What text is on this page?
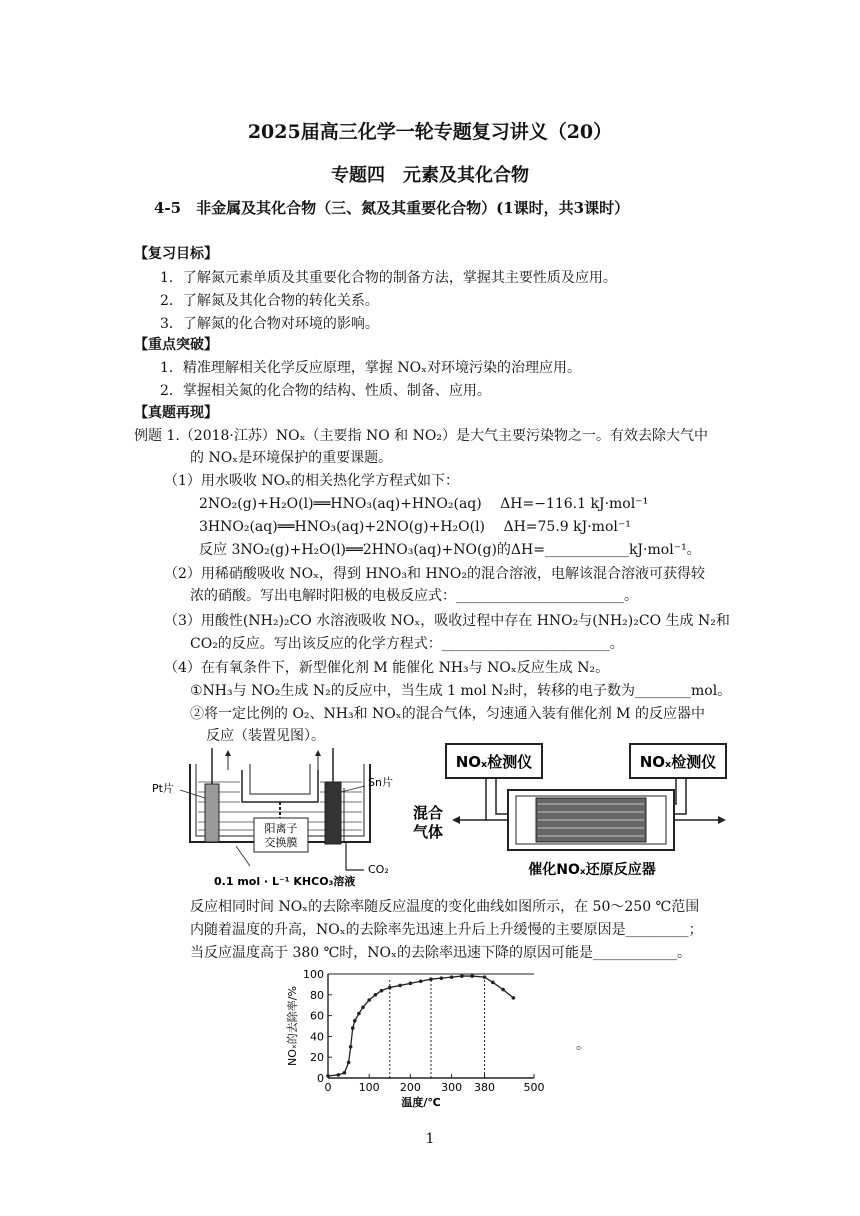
2025届高三化学一轮专题复习讲义（20）
专题四　元素及其化合物
4-5　非金属及其化合物（三、氮及其重要化合物）(1课时，共3课时）
【复习目标】
1．了解氮元素单质及其重要化合物的制备方法，掌握其主要性质及应用。
2．了解氮及其化合物的转化关系。
3．了解氮的化合物对环境的影响。
【重点突破】
1．精准理解相关化学反应原理，掌握 NOₓ对环境污染的治理应用。
2．掌握相关氮的化合物的结构、性质、制备、应用。
【真题再现】
例题 1.（2018·江苏）NOₓ（主要指 NO 和 NO₂）是大气主要污染物之一。有效去除大气中
的 NOₓ是环境保护的重要课题。
（1）用水吸收 NOₓ的相关热化学方程式如下：
2NO₂(g)+H₂O(l)══HNO₃(aq)+HNO₂(aq)　 ΔH=−116.1 kJ·mol⁻¹
3HNO₂(aq)══HNO₃(aq)+2NO(g)+H₂O(l)　 ΔH=75.9 kJ·mol⁻¹
反应 3NO₂(g)+H₂O(l)══2HNO₃(aq)+NO(g)的ΔH=____________kJ·mol⁻¹。
（2）用稀硝酸吸收 NOₓ，得到 HNO₃和 HNO₂的混合溶液，电解该混合溶液可获得较
浓的硝酸。写出电解时阳极的电极反应式：________________________。
（3）用酸性(NH₂)₂CO 水溶液吸收 NOₓ，吸收过程中存在 HNO₂与(NH₂)₂CO 生成 N₂和
CO₂的反应。写出该反应的化学方程式：________________________。
（4）在有氧条件下，新型催化剂 M 能催化 NH₃与 NOₓ反应生成 N₂。
①NH₃与 NO₂生成 N₂的反应中，当生成 1 mol N₂时，转移的电子数为________mol。
②将一定比例的 O₂、NH₃和 NOₓ的混合气体，匀速通入装有催化剂 M 的反应器中
反应（装置见图）。
阳离子
交换膜
Pt片	Sn片
CO₂
0.1 mol · L⁻¹ KHCO₃溶液
NOₓ检测仪	NOₓ检测仪
混合
气体
催化NOₓ还原反应器
反应相同时间 NOₓ的去除率随反应温度的变化曲线如图所示，在 50～250 ℃范围
内随着温度的升高，NOₓ的去除率先迅速上升后上升缓慢的主要原因是_________；
当反应温度高于 380 ℃时，NOₓ的去除率迅速下降的原因可能是____________。
0 100 200 300 380	500
0
20
40
60
80
100
NOₓ的去除率/%
温度/℃
。
1
